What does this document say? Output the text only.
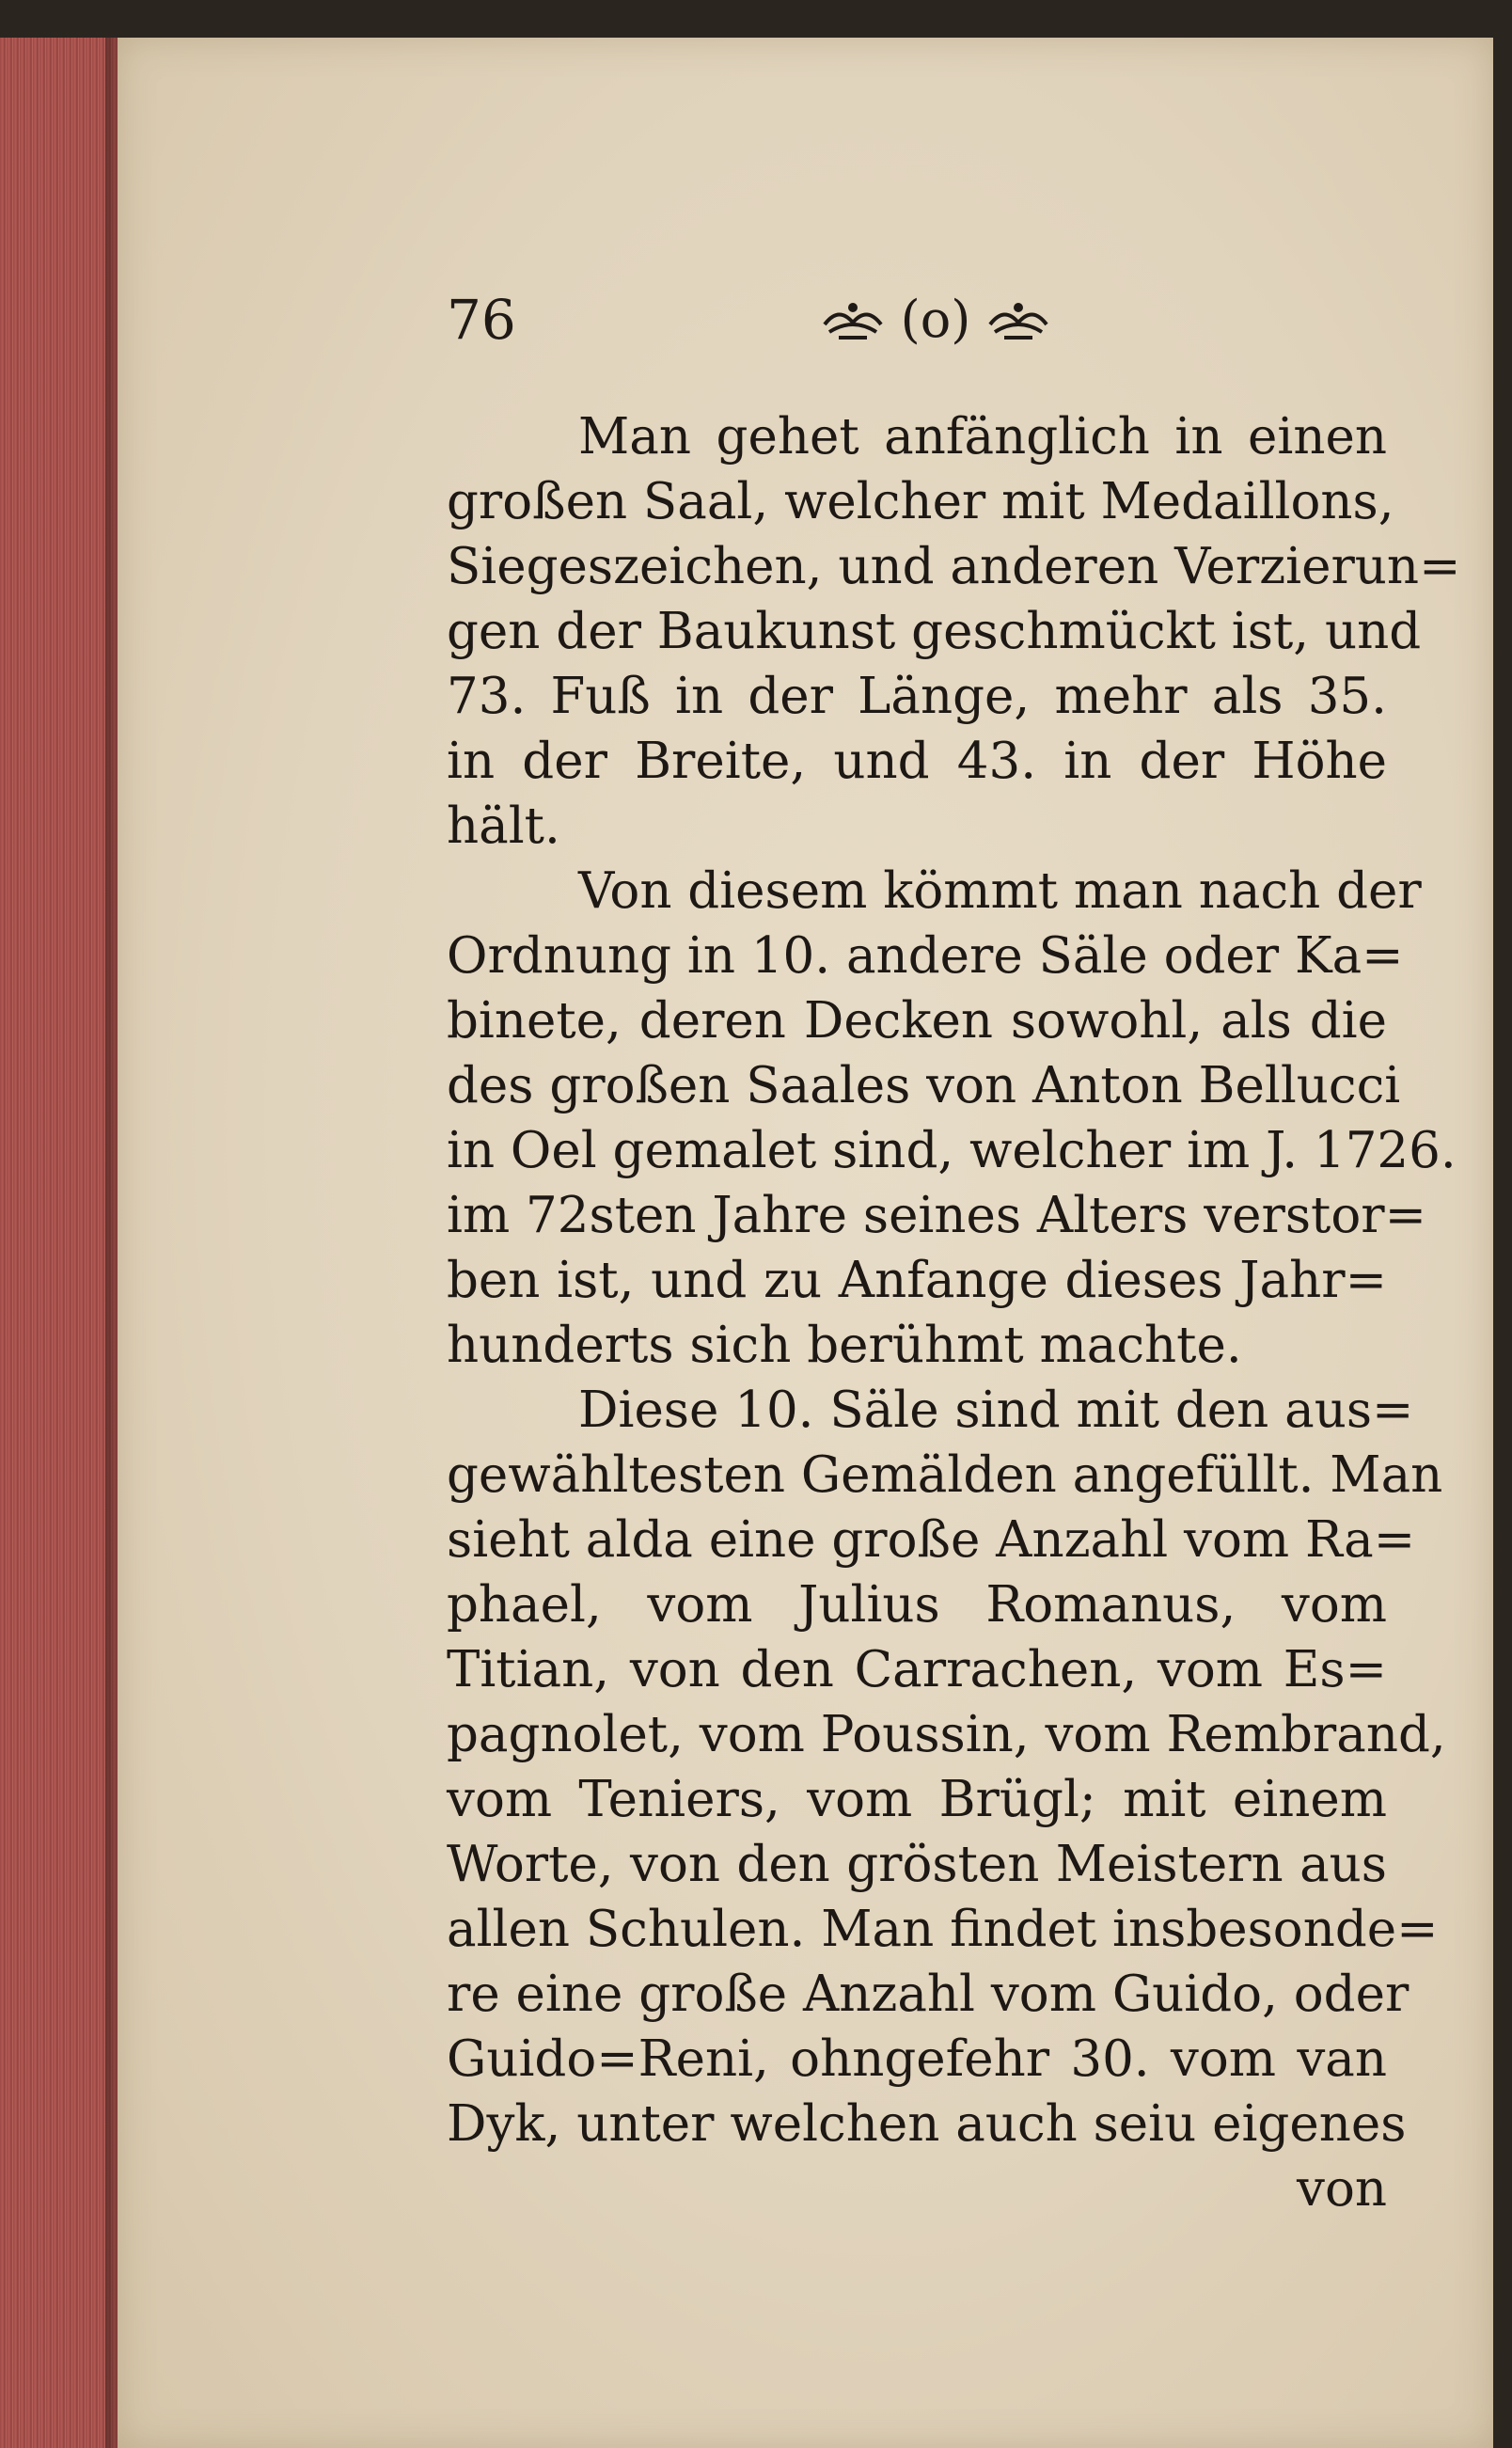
76	(o)
Man gehet anfänglich in einen
großen Saal, welcher mit Medaillons,
Siegeszeichen, und anderen Verzierun=
gen der Baukunst geschmückt ist, und
73. Fuß in der Länge, mehr als 35.
in der Breite, und 43. in der Höhe
hält.
Von diesem kömmt man nach der
Ordnung in 10. andere Säle oder Ka=
binete, deren Decken sowohl, als die
des großen Saales von Anton Bellucci
in Oel gemalet sind, welcher im J. 1726.
im 72sten Jahre seines Alters verstor=
ben ist, und zu Anfange dieses Jahr=
hunderts sich berühmt machte.
Diese 10. Säle sind mit den aus=
gewähltesten Gemälden angefüllt. Man
sieht alda eine große Anzahl vom Ra=
phael, vom Julius Romanus, vom
Titian, von den Carrachen, vom Es=
pagnolet, vom Poussin, vom Rembrand,
vom Teniers, vom Brügl; mit einem
Worte, von den grösten Meistern aus
allen Schulen. Man findet insbesonde=
re eine große Anzahl vom Guido, oder
Guido=Reni, ohngefehr 30. vom van
Dyk, unter welchen auch seiu eigenes
von
